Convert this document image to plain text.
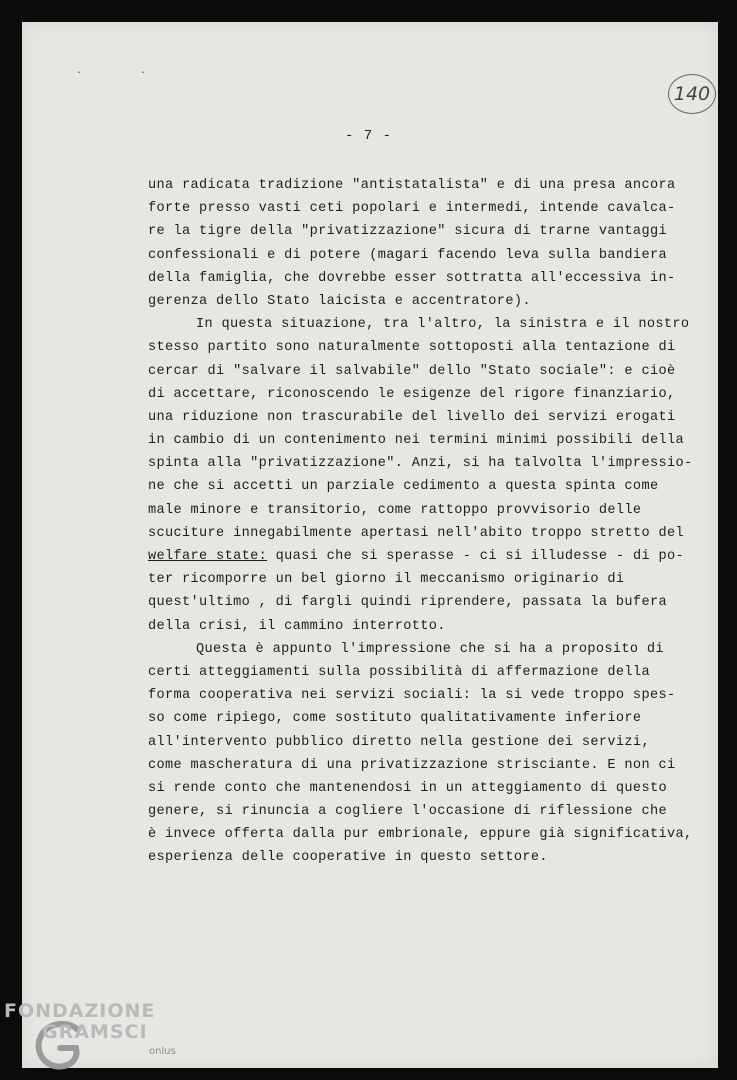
. .
140
- 7 -
una radicata tradizione "antistatalista" e di una presa ancora
forte presso vasti ceti popolari e intermedi, intende cavalca-
re la tigre della "privatizzazione" sicura di trarne vantaggi
confessionali e di potere (magari facendo leva sulla bandiera
della famiglia, che dovrebbe esser sottratta all'eccessiva in-
gerenza dello Stato laicista e accentratore).
In questa situazione, tra l'altro, la sinistra e il nostro
stesso partito sono naturalmente sottoposti alla tentazione di
cercar di "salvare il salvabile" dello "Stato sociale": e cioè
di accettare, riconoscendo le esigenze del rigore finanziario,
una riduzione non trascurabile del livello dei servizi erogati
in cambio di un contenimento nei termini minimi possibili della
spinta alla "privatizzazione". Anzi, si ha talvolta l'impressio-
ne che si accetti un parziale cedimento a questa spinta come
male minore e transitorio, come rattoppo provvisorio delle
scuciture innegabilmente apertasi nell'abito troppo stretto del
welfare state: quasi che si sperasse - ci si illudesse - di po-
ter ricomporre un bel giorno il meccanismo originario di
quest'ultimo , di fargli quindi riprendere, passata la bufera
della crisi, il cammino interrotto.
Questa è appunto l'impressione che si ha a proposito di
certi atteggiamenti sulla possibilità di affermazione della
forma cooperativa nei servizi sociali: la si vede troppo spes-
so come ripiego, come sostituto qualitativamente inferiore
all'intervento pubblico diretto nella gestione dei servizi,
come mascheratura di una privatizzazione strisciante. E non ci
si rende conto che mantenendosi in un atteggiamento di questo
genere, si rinuncia a cogliere l'occasione di riflessione che
è invece offerta dalla pur embrionale, eppure già significativa,
esperienza delle cooperative in questo settore.
FONDAZIONE
GRAMSCI
onlus
